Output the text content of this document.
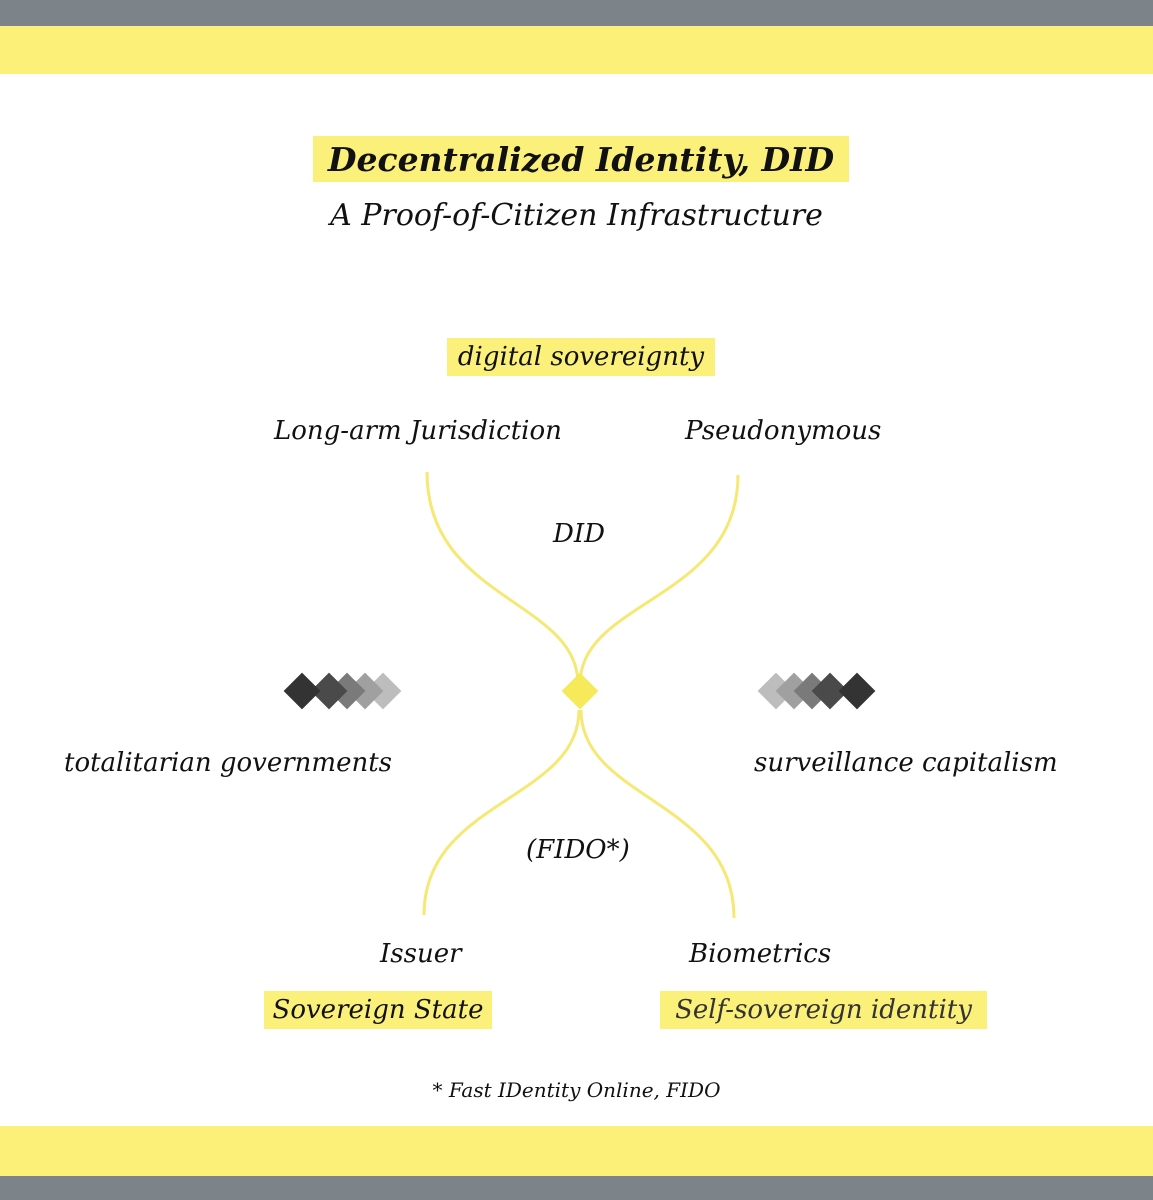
Decentralized Identity, DID
A Proof-of-Citizen Infrastructure
digital sovereignty
Long-arm Jurisdiction	Pseudonymous
DID
totalitarian governments	surveillance capitalism
(FIDO*)
Issuer	Biometrics
Sovereign State	Self-sovereign identity
* Fast IDentity Online, FIDO
